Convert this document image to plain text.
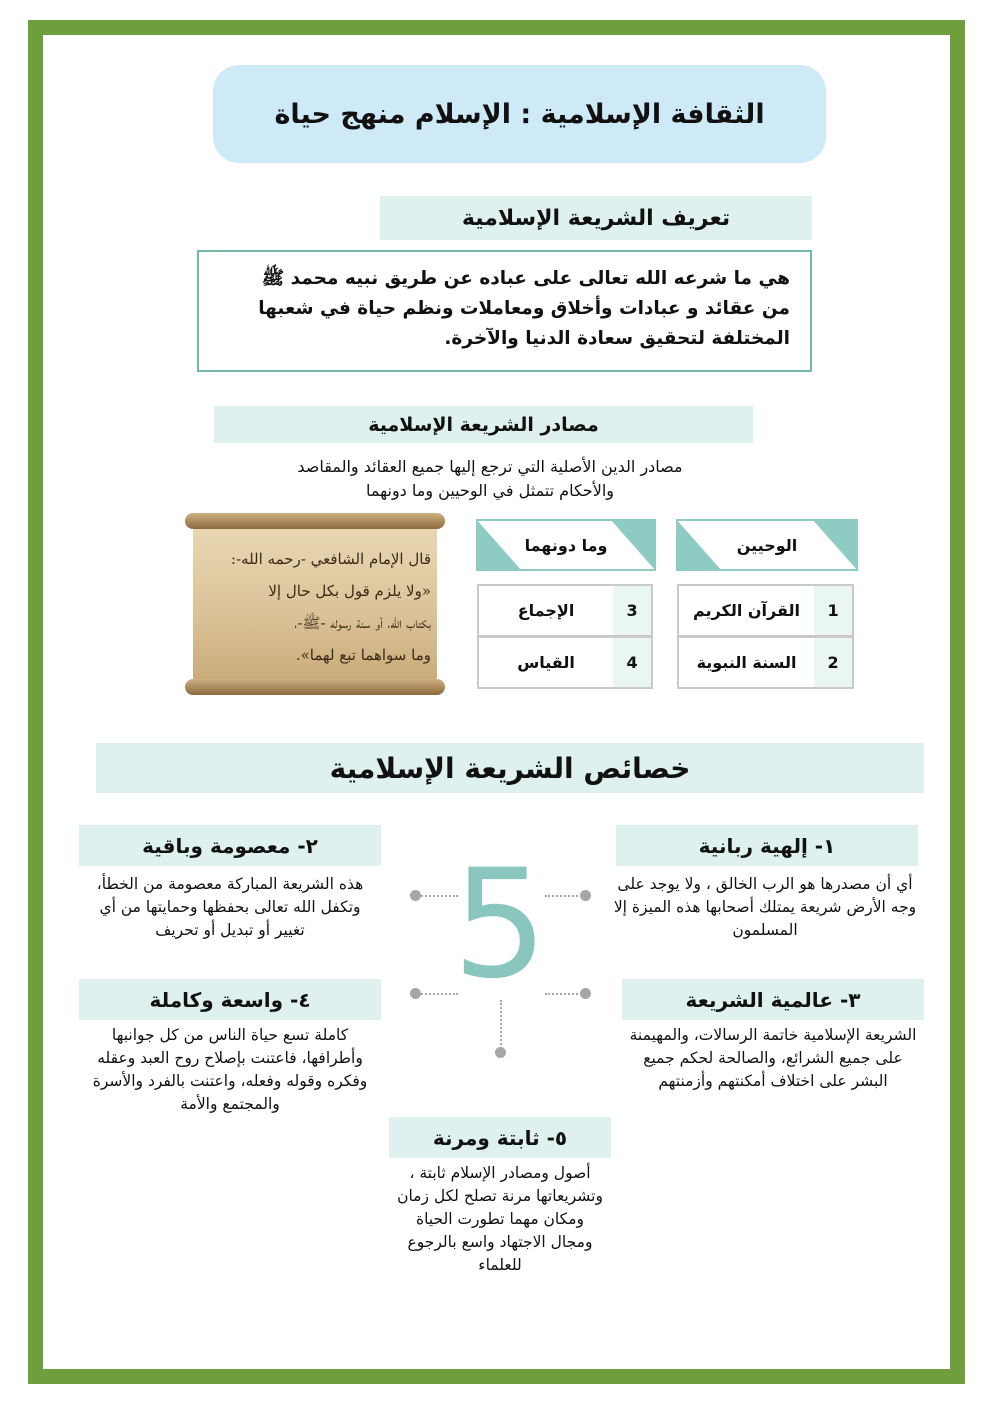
الثقافة الإسلامية : الإسلام منهج حياة
تعريف الشريعة الإسلامية
هي ما شرعه الله تعالى على عباده عن طريق نبيه محمد ﷺ
من عقائد و عبادات وأخلاق ومعاملات ونظم حياة في شعبها
المختلفة لتحقيق سعادة الدنيا والآخرة.
مصادر الشريعة الإسلامية
مصادر الدين الأصلية التي ترجع إليها جميع العقائد والمقاصد
والأحكام تتمثل في الوحيين وما دونهما
الوحيين
1
القرآن الكريم
2
السنة النبوية
وما دونهما
3
الإجماع
4
القياس
قال الإمام الشافعي -رحمه الله-:
«ولا يلزم قول بكل حال إلا
بكتاب الله، أو سنة رسوله -ﷺ-،
وما سواهما تبع لهما».
خصائص الشريعة الإسلامية
١- إلهية ربانية
أي أن مصدرها هو الرب الخالق ، ولا يوجد على وجه الأرض شريعة يمتلك أصحابها هذه الميزة إلا المسلمون
٢- معصومة وباقية
هذه الشريعة المباركة معصومة من الخطأ، وتكفل الله تعالى بحفظها وحمايتها من أي تغيير أو تبديل أو تحريف
٣- عالمية الشريعة
الشريعة الإسلامية خاتمة الرسالات، والمهيمنة على جميع الشرائع، والصالحة لحكم جميع البشر على اختلاف أمكنتهم وأزمنتهم
٤- واسعة وكاملة
كاملة تسع حياة الناس من كل جوانبها وأطرافها، فاعتنت بإصلاح روح العبد وعقله وفكره وقوله وفعله، واعتنت بالفرد والأسرة والمجتمع والأمة
٥- ثابتة ومرنة
أصول ومصادر الإسلام ثابتة ، وتشريعاتها مرنة تصلح لكل زمان ومكان مهما تطورت الحياة ومجال الاجتهاد واسع بالرجوع للعلماء
5
